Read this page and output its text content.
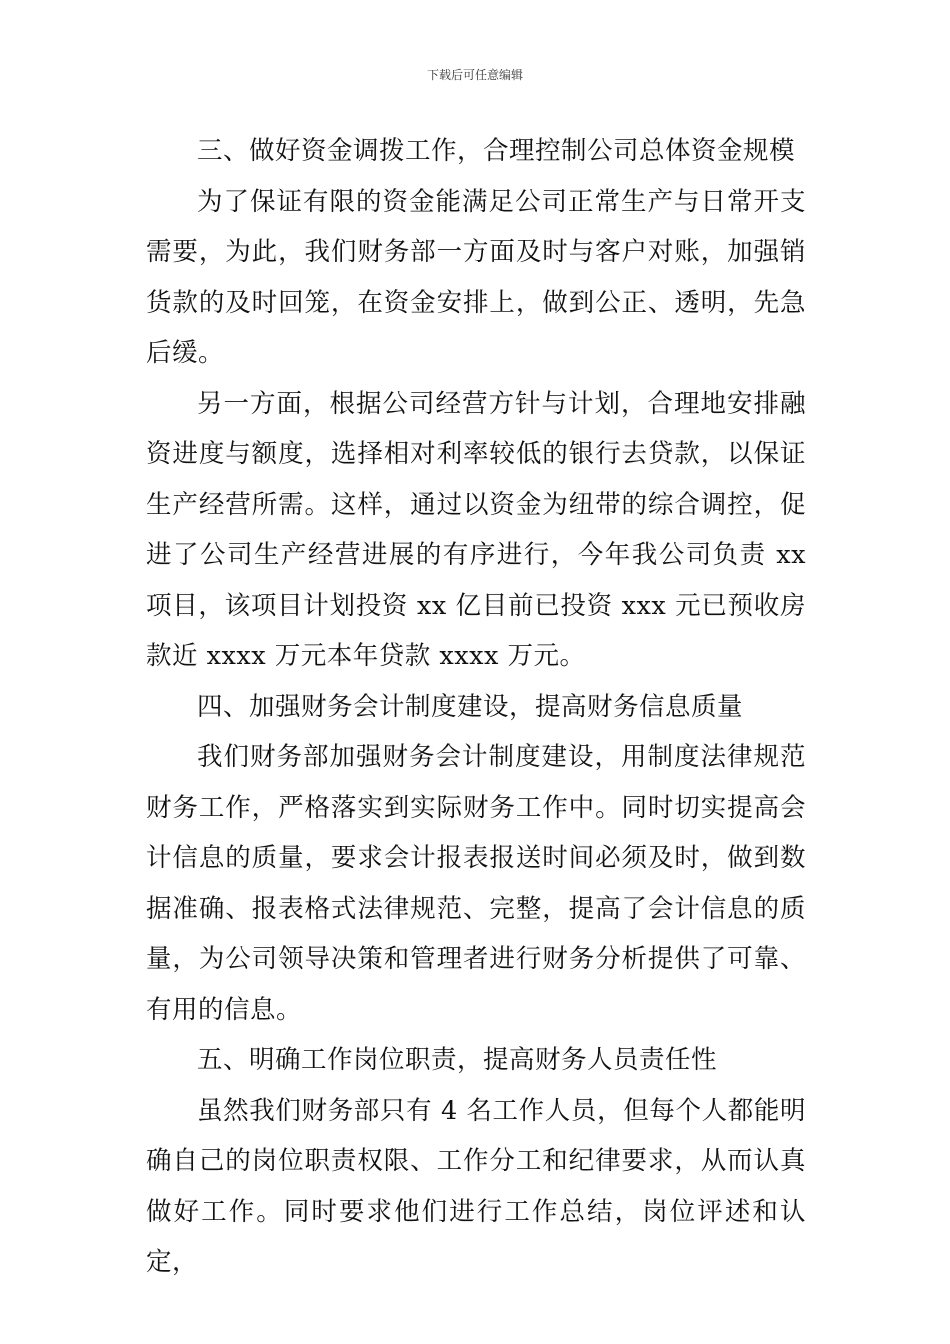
下载后可任意编辑

三、做好资金调拨工作，合理控制公司总体资金规模

为了保证有限的资金能满足公司正常生产与日常开支需要，为此，我们财务部一方面及时与客户对账，加强销货款的及时回笼，在资金安排上，做到公正、透明，先急后缓。

另一方面，根据公司经营方针与计划，合理地安排融资进度与额度，选择相对利率较低的银行去贷款，以保证生产经营所需。这样，通过以资金为纽带的综合调控，促进了公司生产经营进展的有序进行，今年我公司负责 xx 项目，该项目计划投资 xx 亿目前已投资 xxx 元已预收房款近 xxxx 万元本年贷款 xxxx 万元。

四、加强财务会计制度建设，提高财务信息质量

我们财务部加强财务会计制度建设，用制度法律规范财务工作，严格落实到实际财务工作中。同时切实提高会计信息的质量，要求会计报表报送时间必须及时，做到数据准确、报表格式法律规范、完整，提高了会计信息的质量，为公司领导决策和管理者进行财务分析提供了可靠、有用的信息。

五、明确工作岗位职责，提高财务人员责任性

虽然我们财务部只有 4 名工作人员，但每个人都能明确自己的岗位职责权限、工作分工和纪律要求，从而认真做好工作。同时要求他们进行工作总结，岗位评述和认定，
